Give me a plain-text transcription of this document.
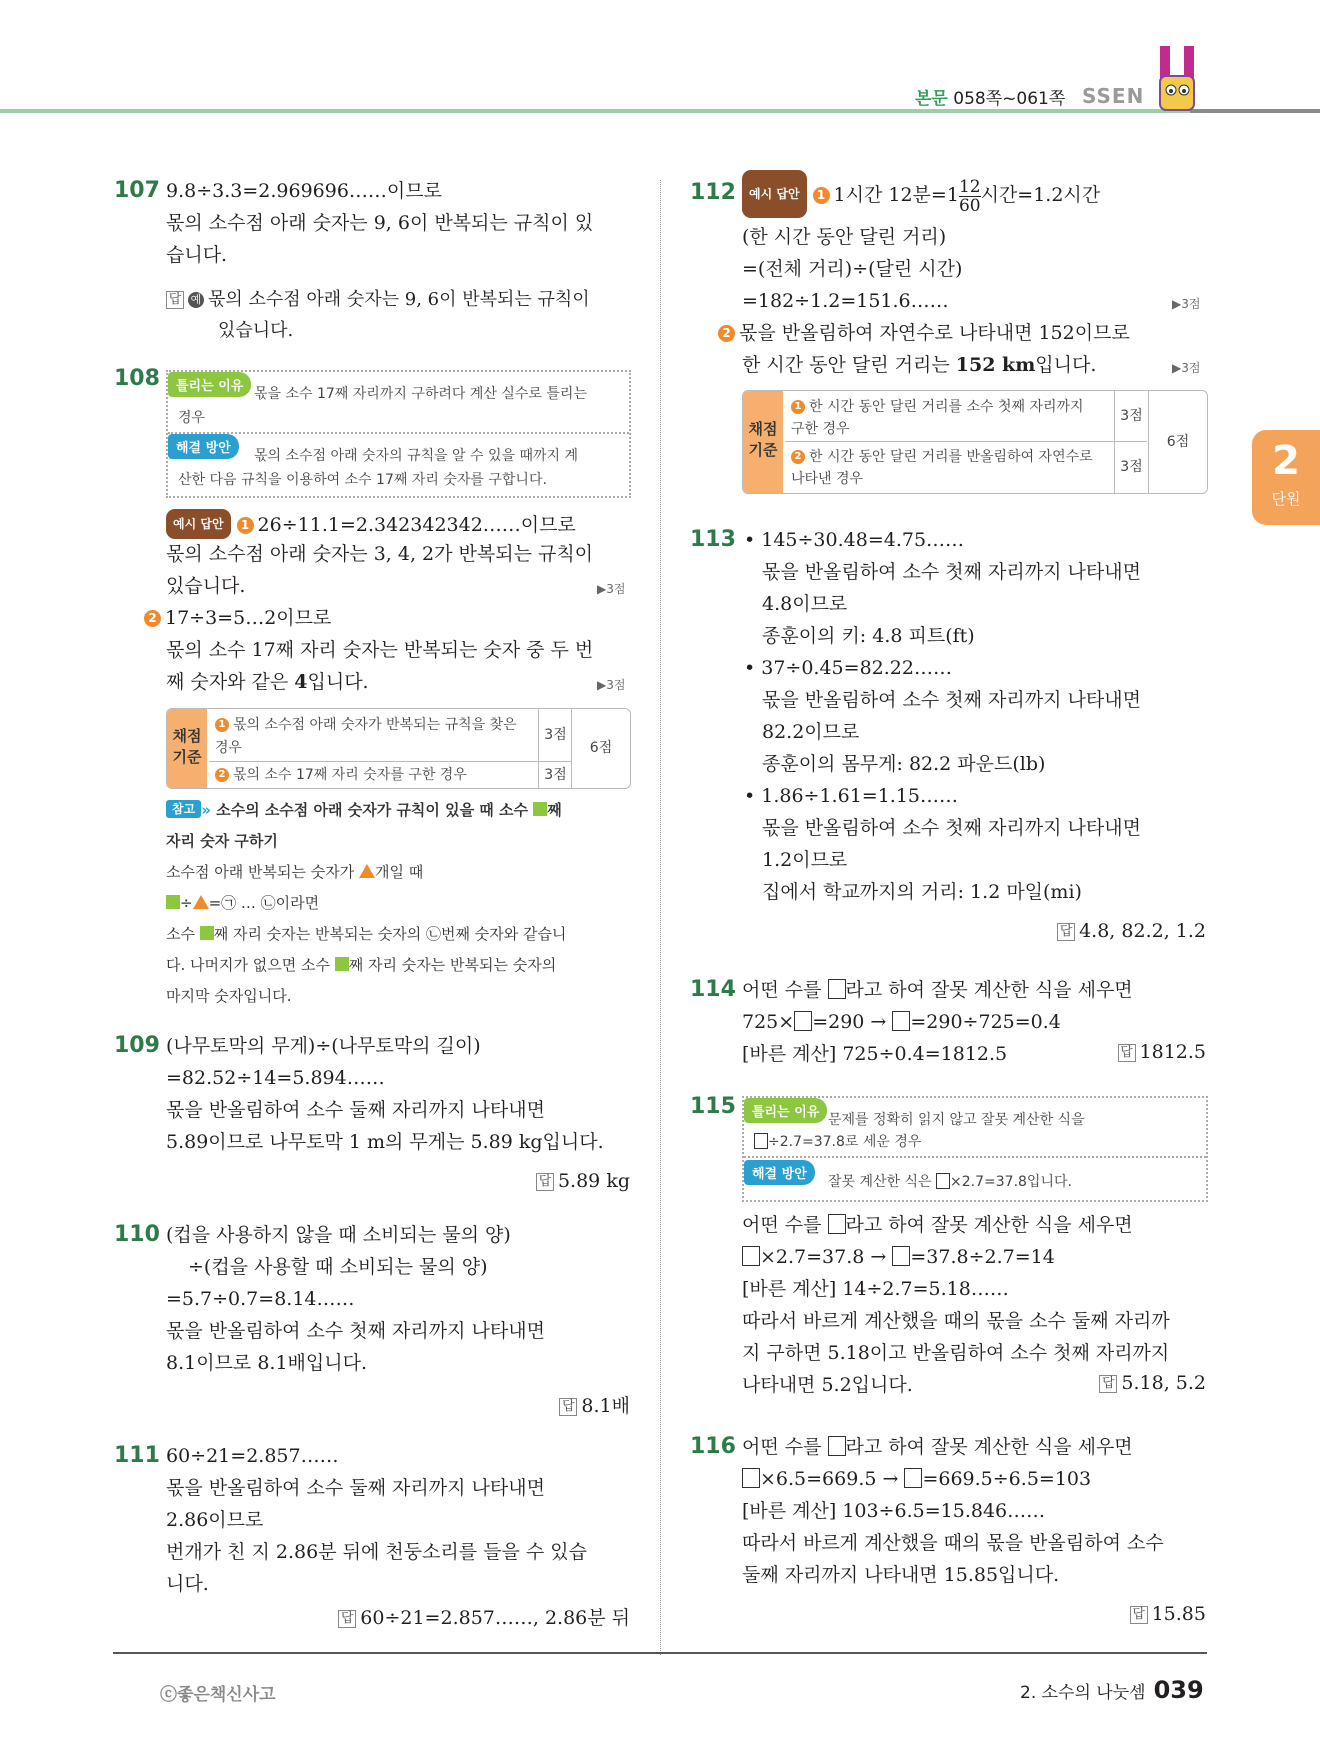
본문 058쪽~061쪽 SSEN
2
단원
107 9.8÷3.3=2.969696……이므로
몫의 소수점 아래 숫자는 9, 6이 반복되는 규칙이 있
습니다.
답 예 몫의 소수점 아래 숫자는 9, 6이 반복되는 규칙이
있습니다.
108	틀리는 이유 몫을 소수 17째 자리까지 구하려다 계산 실수로 틀리는
경우
해결 방안	몫의 소수점 아래 숫자의 규칙을 알 수 있을 때까지 계
산한 다음 규칙을 이용하여 소수 17째 자리 숫자를 구합니다.
예시 답안 1 26÷11.1=2.342342342……이므로
몫의 소수점 아래 숫자는 3, 4, 2가 반복되는 규칙이
있습니다.	▶3점
2 17÷3=5…2이므로
몫의 소수 17째 자리 숫자는 반복되는 숫자 중 두 번
째 숫자와 같은 4입니다.	▶3점
채점 기준
1 몫의 소수점 아래 숫자가 반복되는 규칙을 찾은
경우
3점
2 몫의 소수 17째 자리 숫자를 구한 경우	3점
6점
참고 » 소수의 소수점 아래 숫자가 규칙이 있을 때 소수 째
자리 숫자 구하기
소수점 아래 반복되는 숫자가 개일 때
÷ =㉠ … ㉡이라면
소수 째 자리 숫자는 반복되는 숫자의 ㉡번째 숫자와 같습니
다. 나머지가 없으면 소수 째 자리 숫자는 반복되는 숫자의
마지막 숫자입니다.
109 (나무토막의 무게)÷(나무토막의 길이)
=82.52÷14=5.894……
몫을 반올림하여 소수 둘째 자리까지 나타내면
5.89이므로 나무토막 1 m의 무게는 5.89 kg입니다.
답 5.89 kg
110 (컵을 사용하지 않을 때 소비되는 물의 양)
÷(컵을 사용할 때 소비되는 물의 양)
=5.7÷0.7=8.14……
몫을 반올림하여 소수 첫째 자리까지 나타내면
8.1이므로 8.1배입니다.
답 8.1배
111 60÷21=2.857……
몫을 반올림하여 소수 둘째 자리까지 나타내면
2.86이므로
번개가 친 지 2.86분 뒤에 천둥소리를 들을 수 있습
니다.
답 60÷21=2.857……, 2.86분 뒤
112	예시 답안 1 1시간 12분$=1 \frac{12}{60}$ 시간=1.2시간
(한 시간 동안 달린 거리)
=(전체 거리)÷(달린 시간)
=182÷1.2=151.6……	▶3점
2 몫을 반올림하여 자연수로 나타내면 152이므로
한 시간 동안 달린 거리는 152 km입니다.	▶3점
채점 기준
1 한 시간 동안 달린 거리를 소수 첫째 자리까지
구한 경우
3점
2 한 시간 동안 달린 거리를 반올림하여 자연수로
나타낸 경우
3점
6점
113 • 145÷30.48=4.75……
몫을 반올림하여 소수 첫째 자리까지 나타내면
4.8이므로
종훈이의 키: 4.8 피트(ft)
• 37÷0.45=82.22……
몫을 반올림하여 소수 첫째 자리까지 나타내면
82.2이므로
종훈이의 몸무게: 82.2 파운드(lb)
• 1.86÷1.61=1.15……
몫을 반올림하여 소수 첫째 자리까지 나타내면
1.2이므로
집에서 학교까지의 거리: 1.2 마일(mi)
답 4.8, 82.2, 1.2
114 어떤 수를 라고 하여 잘못 계산한 식을 세우면
725× =290 → =290÷725=0.4
[바른 계산] 725÷0.4=1812.5	답 1812.5
115	틀리는 이유 문제를 정확히 읽지 않고 잘못 계산한 식을
÷2.7=37.8로 세운 경우
해결 방안	잘못 계산한 식은 ×2.7=37.8입니다.
어떤 수를 라고 하여 잘못 계산한 식을 세우면
×2.7=37.8 → =37.8÷2.7=14
[바른 계산] 14÷2.7=5.18……
따라서 바르게 계산했을 때의 몫을 소수 둘째 자리까
지 구하면 5.18이고 반올림하여 소수 첫째 자리까지
나타내면 5.2입니다.	답 5.18, 5.2
116 어떤 수를 라고 하여 잘못 계산한 식을 세우면
×6.5=669.5 → =669.5÷6.5=103
[바른 계산] 103÷6.5=15.846……
따라서 바르게 계산했을 때의 몫을 반올림하여 소수
둘째 자리까지 나타내면 15.85입니다.
답 15.85
ⓒ좋은책신사고	2. 소수의 나눗셈 039
